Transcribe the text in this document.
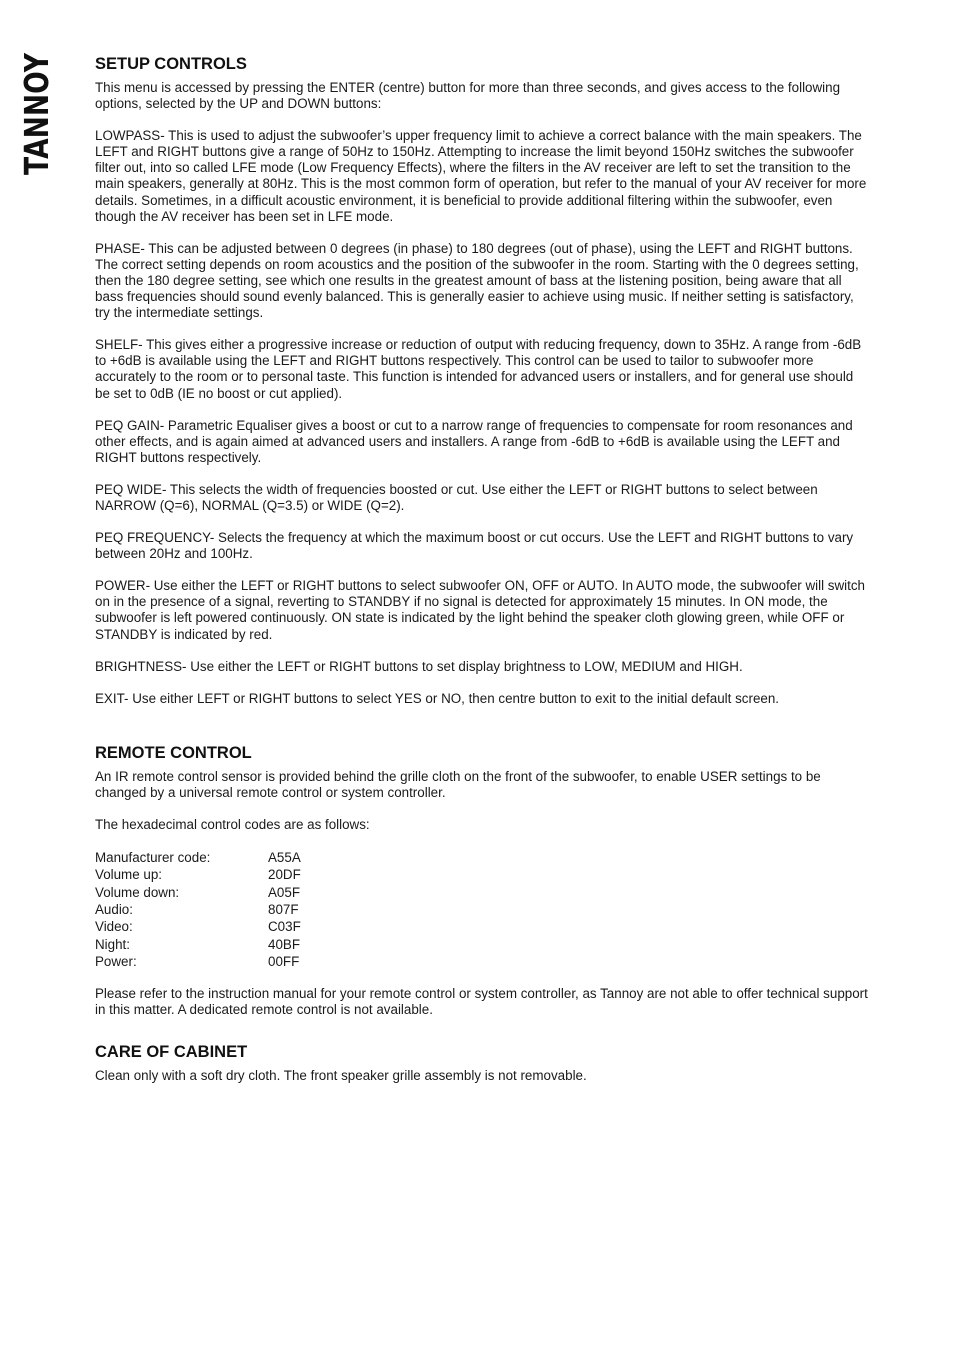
TANNOY SETUP CONTROLS

This menu is accessed by pressing the ENTER (centre) button for more than three seconds, and gives access to the following options, selected by the UP and DOWN buttons:

LOWPASS- This is used to adjust the subwoofer’s upper frequency limit to achieve a correct balance with the main speakers. The LEFT and RIGHT buttons give a range of 50Hz to 150Hz. Attempting to increase the limit beyond 150Hz switches the subwoofer filter out, into so called LFE mode (Low Frequency Effects), where the filters in the AV receiver are left to set the transition to the main speakers, generally at 80Hz. This is the most common form of operation, but refer to the manual of your AV receiver for more details. Sometimes, in a difficult acoustic environment, it is beneficial to provide additional filtering within the subwoofer, even though the AV receiver has been set in LFE mode.

PHASE- This can be adjusted between 0 degrees (in phase) to 180 degrees (out of phase), using the LEFT and RIGHT buttons. The correct setting depends on room acoustics and the position of the subwoofer in the room. Starting with the 0 degrees setting, then the 180 degree setting, see which one results in the greatest amount of bass at the listening position, being aware that all bass frequencies should sound evenly balanced. This is generally easier to achieve using music. If neither setting is satisfactory, try the intermediate settings.

SHELF- This gives either a progressive increase or reduction of output with reducing frequency, down to 35Hz. A range from -6dB to +6dB is available using the LEFT and RIGHT buttons respectively. This control can be used to tailor to subwoofer more accurately to the room or to personal taste. This function is intended for advanced users or installers, and for general use should be set to 0dB (IE no boost or cut applied).

PEQ GAIN- Parametric Equaliser gives a boost or cut to a narrow range of frequencies to compensate for room resonances and other effects, and is again aimed at advanced users and installers. A range from -6dB to +6dB is available using the LEFT and RIGHT buttons respectively.

PEQ WIDE- This selects the width of frequencies boosted or cut. Use either the LEFT or RIGHT buttons to select between NARROW (Q=6), NORMAL (Q=3.5) or WIDE (Q=2).

PEQ FREQUENCY- Selects the frequency at which the maximum boost or cut occurs. Use the LEFT and RIGHT buttons to vary between 20Hz and 100Hz.

POWER- Use either the LEFT or RIGHT buttons to select subwoofer ON, OFF or AUTO. In AUTO mode, the subwoofer will switch on in the presence of a signal, reverting to STANDBY if no signal is detected for approximately 15 minutes. In ON mode, the subwoofer is left powered continuously. ON state is indicated by the light behind the speaker cloth glowing green, while OFF or STANDBY is indicated by red.

BRIGHTNESS- Use either the LEFT or RIGHT buttons to set display brightness to LOW, MEDIUM and HIGH.

EXIT- Use either LEFT or RIGHT buttons to select YES or NO, then centre button to exit to the initial default screen.

REMOTE CONTROL

An IR remote control sensor is provided behind the grille cloth on the front of the subwoofer, to enable USER settings to be changed by a universal remote control or system controller.

The hexadecimal control codes are as follows:

Manufacturer code:	A55A
Volume up:	20DF
Volume down:	A05F
Audio:	807F
Video:	C03F
Night:	40BF
Power:	00FF

Please refer to the instruction manual for your remote control or system controller, as Tannoy are not able to offer technical support in this matter. A dedicated remote control is not available.

CARE OF CABINET

Clean only with a soft dry cloth. The front speaker grille assembly is not removable.
